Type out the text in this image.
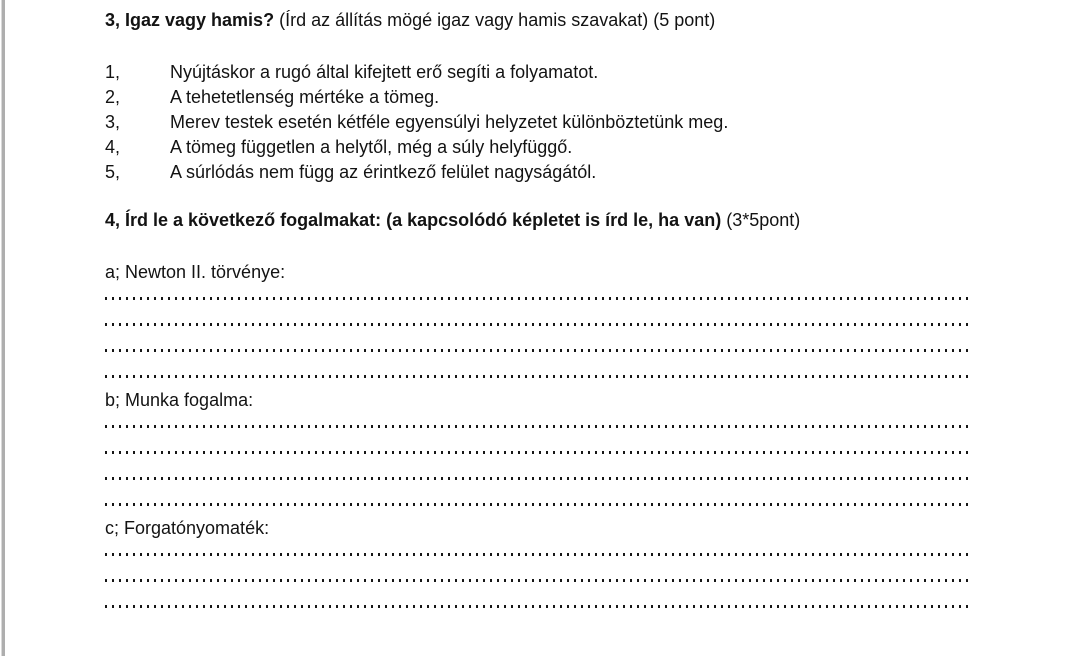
3, Igaz vagy hamis? (Írd az állítás mögé igaz vagy hamis szavakat) (5 pont)
1,	Nyújtáskor a rugó által kifejtett erő segíti a folyamatot.
2,	A tehetetlenség mértéke a tömeg.
3,	Merev testek esetén kétféle egyensúlyi helyzetet különböztetünk meg.
4,	A tömeg független a helytől, még a súly helyfüggő.
5,	A súrlódás nem függ az érintkező felület nagyságától.
4, Írd le a következő fogalmakat: (a kapcsolódó képletet is írd le, ha van) (3*5pont)
a; Newton II. törvénye:
b; Munka fogalma:
c; Forgatónyomaték:
